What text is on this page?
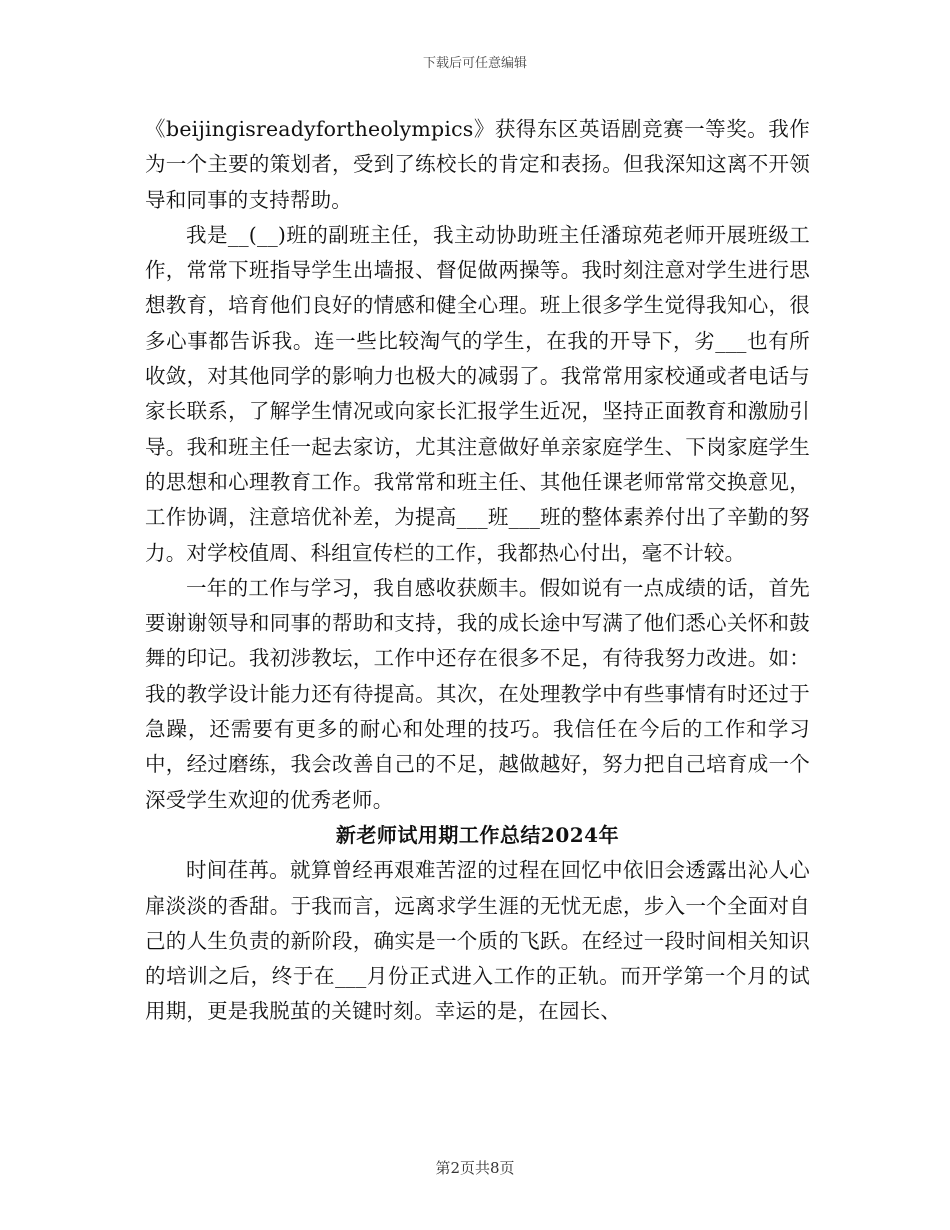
下载后可任意编辑

《beijingisreadyfortheolympics》获得东区英语剧竞赛一等奖。我作为一个主要的策划者，受到了练校长的肯定和表扬。但我深知这离不开领导和同事的支持帮助。

我是__(__)班的副班主任，我主动协助班主任潘琼苑老师开展班级工作，常常下班指导学生出墙报、督促做两操等。我时刻注意对学生进行思想教育，培育他们良好的情感和健全心理。班上很多学生觉得我知心，很多心事都告诉我。连一些比较淘气的学生，在我的开导下，劣___也有所收敛，对其他同学的影响力也极大的减弱了。我常常用家校通或者电话与家长联系，了解学生情况或向家长汇报学生近况，坚持正面教育和激励引导。我和班主任一起去家访，尤其注意做好单亲家庭学生、下岗家庭学生的思想和心理教育工作。我常常和班主任、其他任课老师常常交换意见，工作协调，注意培优补差，为提高___班___班的整体素养付出了辛勤的努力。对学校值周、科组宣传栏的工作，我都热心付出，毫不计较。

一年的工作与学习，我自感收获颇丰。假如说有一点成绩的话，首先要谢谢领导和同事的帮助和支持，我的成长途中写满了他们悉心关怀和鼓舞的印记。我初涉教坛，工作中还存在很多不足，有待我努力改进。如：我的教学设计能力还有待提高。其次，在处理教学中有些事情有时还过于急躁，还需要有更多的耐心和处理的技巧。我信任在今后的工作和学习中，经过磨练，我会改善自己的不足，越做越好，努力把自己培育成一个深受学生欢迎的优秀老师。

新老师试用期工作总结2024年

时间荏苒。就算曾经再艰难苦涩的过程在回忆中依旧会透露出沁人心扉淡淡的香甜。于我而言，远离求学生涯的无忧无虑，步入一个全面对自己的人生负责的新阶段，确实是一个质的飞跃。在经过一段时间相关知识的培训之后，终于在___月份正式进入工作的正轨。而开学第一个月的试用期，更是我脱茧的关键时刻。幸运的是，在园长、

第2页共8页
